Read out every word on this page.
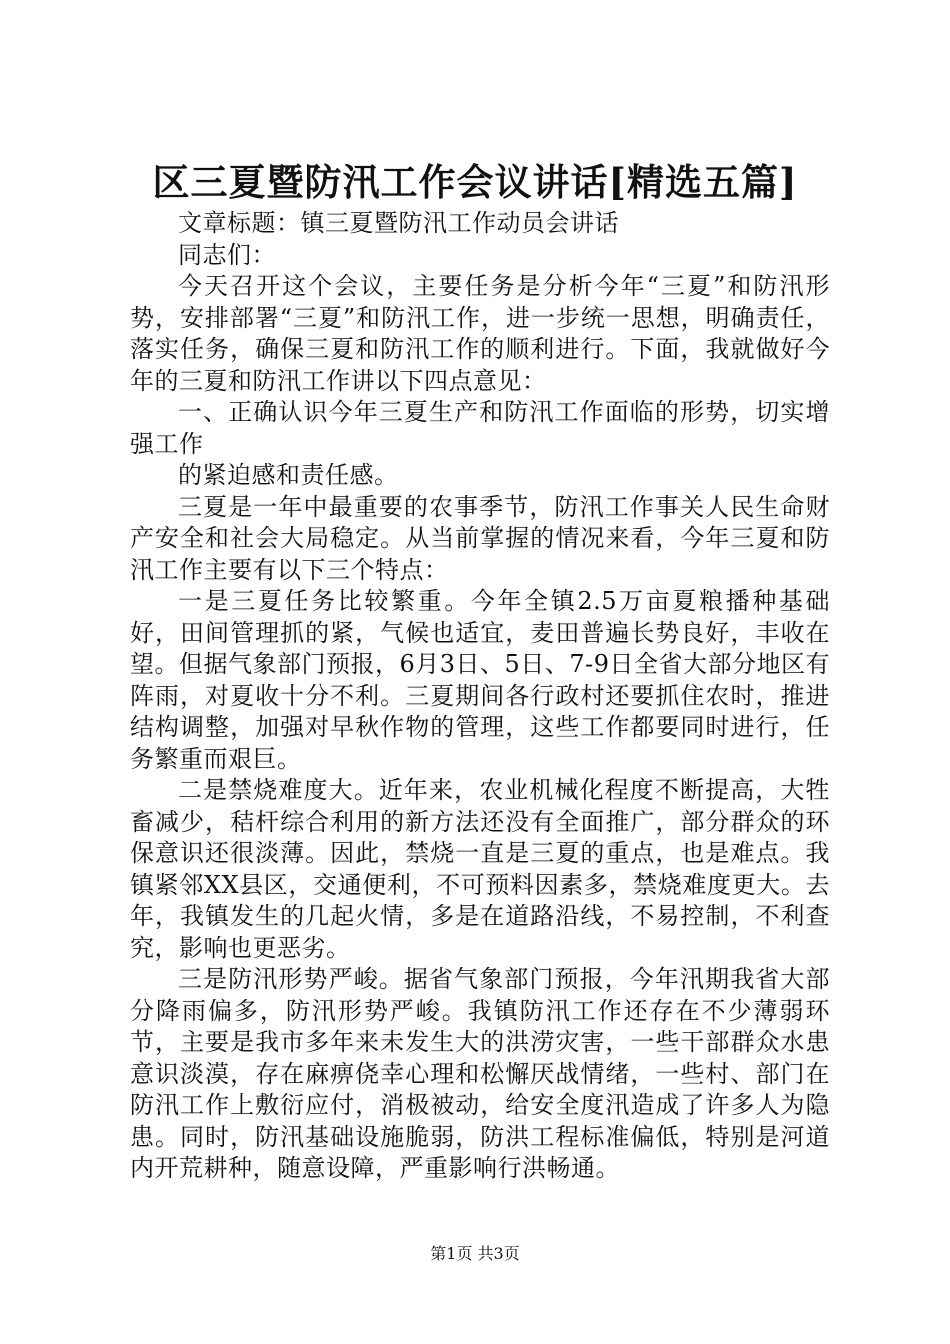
区三夏暨防汛工作会议讲话[精选五篇]

文章标题：镇三夏暨防汛工作动员会讲话

同志们：

今天召开这个会议，主要任务是分析今年“三夏”和防汛形势，安排部署“三夏”和防汛工作，进一步统一思想，明确责任，落实任务，确保三夏和防汛工作的顺利进行。下面，我就做好今年的三夏和防汛工作讲以下四点意见：

一、正确认识今年三夏生产和防汛工作面临的形势，切实增强工作

的紧迫感和责任感。

三夏是一年中最重要的农事季节，防汛工作事关人民生命财产安全和社会大局稳定。从当前掌握的情况来看，今年三夏和防汛工作主要有以下三个特点：

一是三夏任务比较繁重。今年全镇2.5万亩夏粮播种基础好，田间管理抓的紧，气候也适宜，麦田普遍长势良好，丰收在望。但据气象部门预报，6月3日、5日、7-9日全省大部分地区有阵雨，对夏收十分不利。三夏期间各行政村还要抓住农时，推进结构调整，加强对早秋作物的管理，这些工作都要同时进行，任务繁重而艰巨。

二是禁烧难度大。近年来，农业机械化程度不断提高，大牲畜减少，秸杆综合利用的新方法还没有全面推广，部分群众的环保意识还很淡薄。因此，禁烧一直是三夏的重点，也是难点。我镇紧邻XX县区，交通便利，不可预料因素多，禁烧难度更大。去年，我镇发生的几起火情，多是在道路沿线，不易控制，不利查究，影响也更恶劣。

三是防汛形势严峻。据省气象部门预报，今年汛期我省大部分降雨偏多，防汛形势严峻。我镇防汛工作还存在不少薄弱环节，主要是我市多年来未发生大的洪涝灾害，一些干部群众水患意识淡漠，存在麻痹侥幸心理和松懈厌战情绪，一些村、部门在防汛工作上敷衍应付，消极被动，给安全度汛造成了许多人为隐患。同时，防汛基础设施脆弱，防洪工程标准偏低，特别是河道内开荒耕种，随意设障，严重影响行洪畅通。

第1页 共3页
